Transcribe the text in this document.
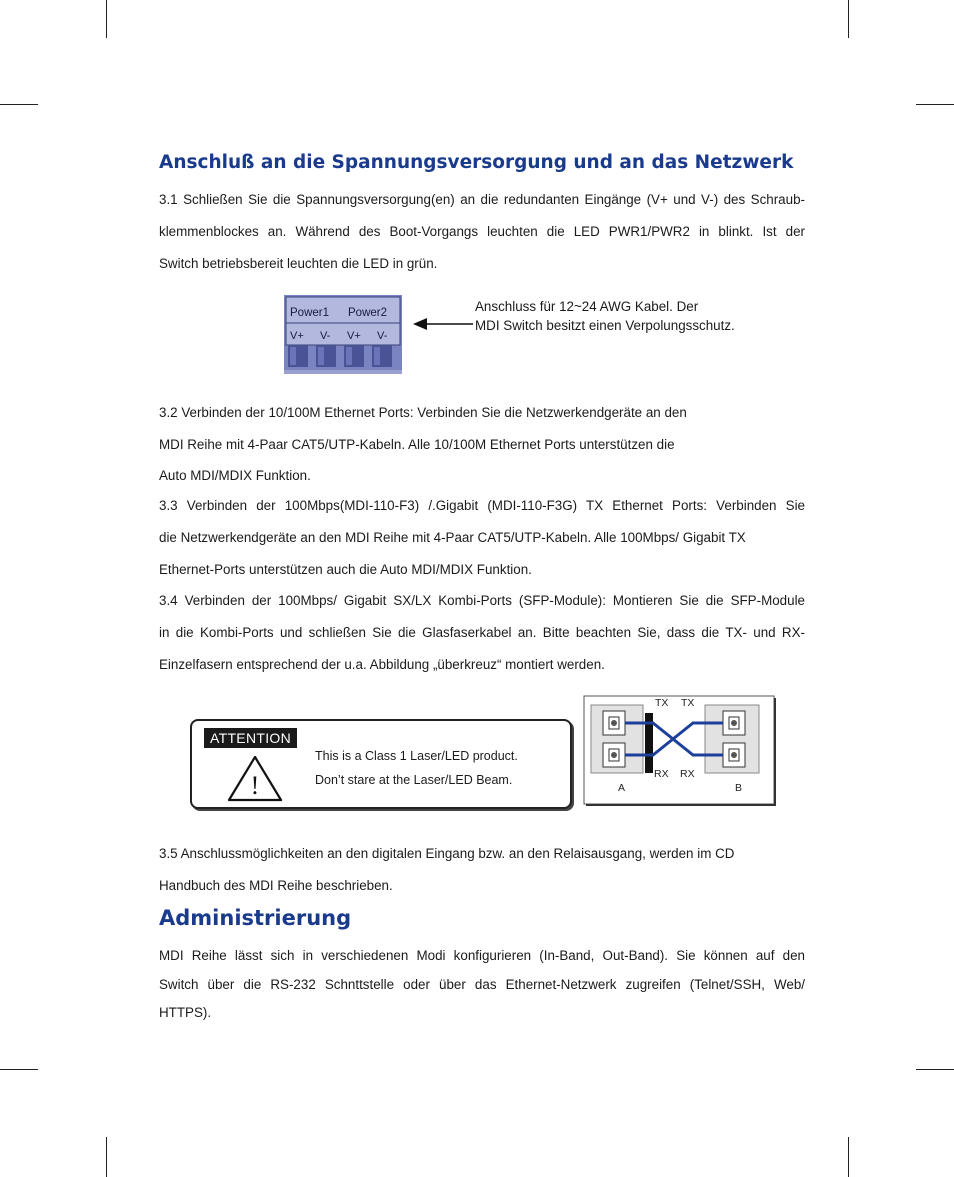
Anschluß an die Spannungsversorgung und an das Netzwerk
3.1 Schließen Sie die Spannungsversorgung(en) an die redundanten Eingänge (V+ und V-) des Schraub-
klemmenblockes an. Während des Boot-Vorgangs leuchten die LED PWR1/PWR2 in blinkt. Ist der
Switch betriebsbereit leuchten die LED in grün.
Power1 Power2
V+ V- V+ V-
Anschluss für 12~24 AWG Kabel. Der
MDI Switch besitzt einen Verpolungsschutz.
3.2 Verbinden der 10/100M Ethernet Ports: Verbinden Sie die Netzwerkendgeräte an den
MDI Reihe mit 4-Paar CAT5/UTP-Kabeln. Alle 10/100M Ethernet Ports unterstützen die
Auto MDI/MDIX Funktion.
3.3 Verbinden der 100Mbps(MDI-110-F3) /.Gigabit (MDI-110-F3G) TX Ethernet Ports: Verbinden Sie
die Netzwerkendgeräte an den MDI Reihe mit 4-Paar CAT5/UTP-Kabeln. Alle 100Mbps/ Gigabit TX
Ethernet-Ports unterstützen auch die Auto MDI/MDIX Funktion.
3.4 Verbinden der 100Mbps/ Gigabit SX/LX Kombi-Ports (SFP-Module): Montieren Sie die SFP-Module
in die Kombi-Ports und schließen Sie die Glasfaserkabel an. Bitte beachten Sie, dass die TX- und RX-
Einzelfasern entsprechend der u.a. Abbildung „überkreuz“ montiert werden.
ATTENTION
!
This is a Class 1 Laser/LED product.
Don’t stare at the Laser/LED Beam.
TX TX
RX RX
A	B
3.5 Anschlussmöglichkeiten an den digitalen Eingang bzw. an den Relaisausgang, werden im CD
Handbuch des MDI Reihe beschrieben.
Administrierung
MDI Reihe lässt sich in verschiedenen Modi konfigurieren (In-Band, Out-Band). Sie können auf den
Switch über die RS-232 Schnttstelle oder über das Ethernet-Netzwerk zugreifen (Telnet/SSH, Web/
HTTPS).
